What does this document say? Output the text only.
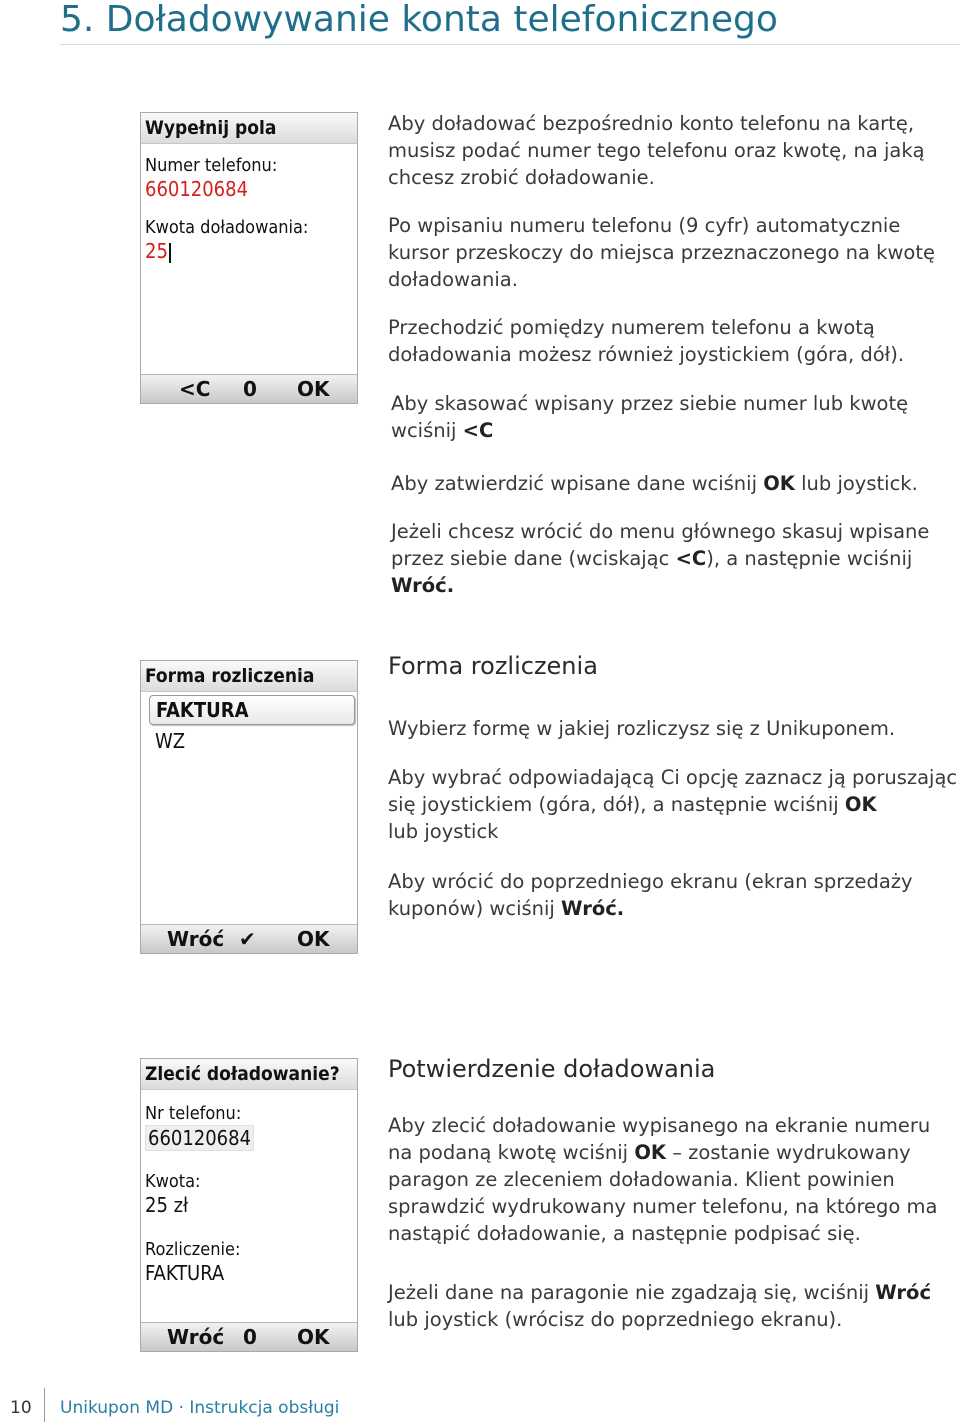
5. Doładowywanie konta telefonicznego
Wypełnij pola
Numer telefonu:
660120684
Kwota doładowania:
25
<C 0 OK
Aby doładować bezpośrednio konto telefonu na kartę, musisz podać numer tego telefonu oraz kwotę, na jaką chcesz zrobić doładowanie.
Po wpisaniu numeru telefonu (9 cyfr) automatycznie kursor przeskoczy do miejsca przeznaczonego na kwotę doładowania.
Przechodzić pomiędzy numerem telefonu a kwotą doładowania możesz również joystickiem (góra, dół).
Aby skasować wpisany przez siebie numer lub kwotę wciśnij <C
Aby zatwierdzić wpisane dane wciśnij OK lub joystick.
Jeżeli chcesz wrócić do menu głównego skasuj wpisane przez siebie dane (wciskając <C), a następnie wciśnij
Wróć.
Forma rozliczenia
FAKTURA
WZ
Wróć ✔ OK
Forma rozliczenia
Wybierz formę w jakiej rozliczysz się z Unikuponem.
Aby wybrać odpowiadającą Ci opcję zaznacz ją poruszając się joystickiem (góra, dół), a następnie wciśnij OK
lub joystick
Aby wrócić do poprzedniego ekranu (ekran sprzedaży kuponów) wciśnij Wróć.
Zlecić doładowanie?
Nr telefonu:
660120684
Kwota:
25 zł
Rozliczenie:
FAKTURA
Wróć 0 OK
Potwierdzenie doładowania
Aby zlecić doładowanie wypisanego na ekranie numeru na podaną kwotę wciśnij OK – zostanie wydrukowany paragon ze zleceniem doładowania. Klient powinien sprawdzić wydrukowany numer telefonu, na którego ma nastąpić doładowanie, a następnie podpisać się.
Jeżeli dane na paragonie nie zgadzają się, wciśnij Wróć
lub joystick (wrócisz do poprzedniego ekranu).
10 Unikupon MD · Instrukcja obsługi
